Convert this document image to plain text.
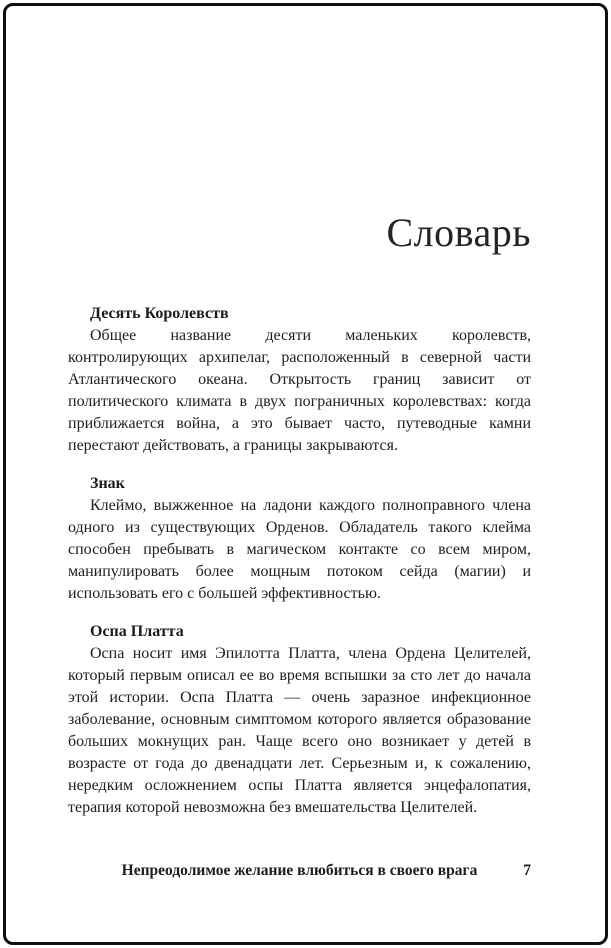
Словарь
Десять Королевств

Общее название десяти маленьких королевств, контролирующих архипелаг, расположенный в северной части Атлантического океана. Открытость границ зависит от политического климата в двух пограничных королевствах: когда приближается война, а это бывает часто, путеводные камни перестают действовать, а границы закрываются.

Знак

Клеймо, выжженное на ладони каждого полноправного члена одного из существующих Орденов. Обладатель такого клейма способен пребывать в магическом контакте со всем миром, манипулировать более мощным потоком сейда (магии) и использовать его с большей эффективностью.

Оспа Платта

Оспа носит имя Эпилотта Платта, члена Ордена Целителей, который первым описал ее во время вспышки за сто лет до начала этой истории. Оспа Платта — очень заразное инфекционное заболевание, основным симптомом которого является образование больших мокнущих ран. Чаще всего оно возникает у детей в возрасте от года до двенадцати лет. Серьезным и, к сожалению, нередким осложнением оспы Платта является энцефалопатия, терапия которой невозможна без вмешательства Целителей.

Непреодолимое желание влюбиться в своего врага	7
